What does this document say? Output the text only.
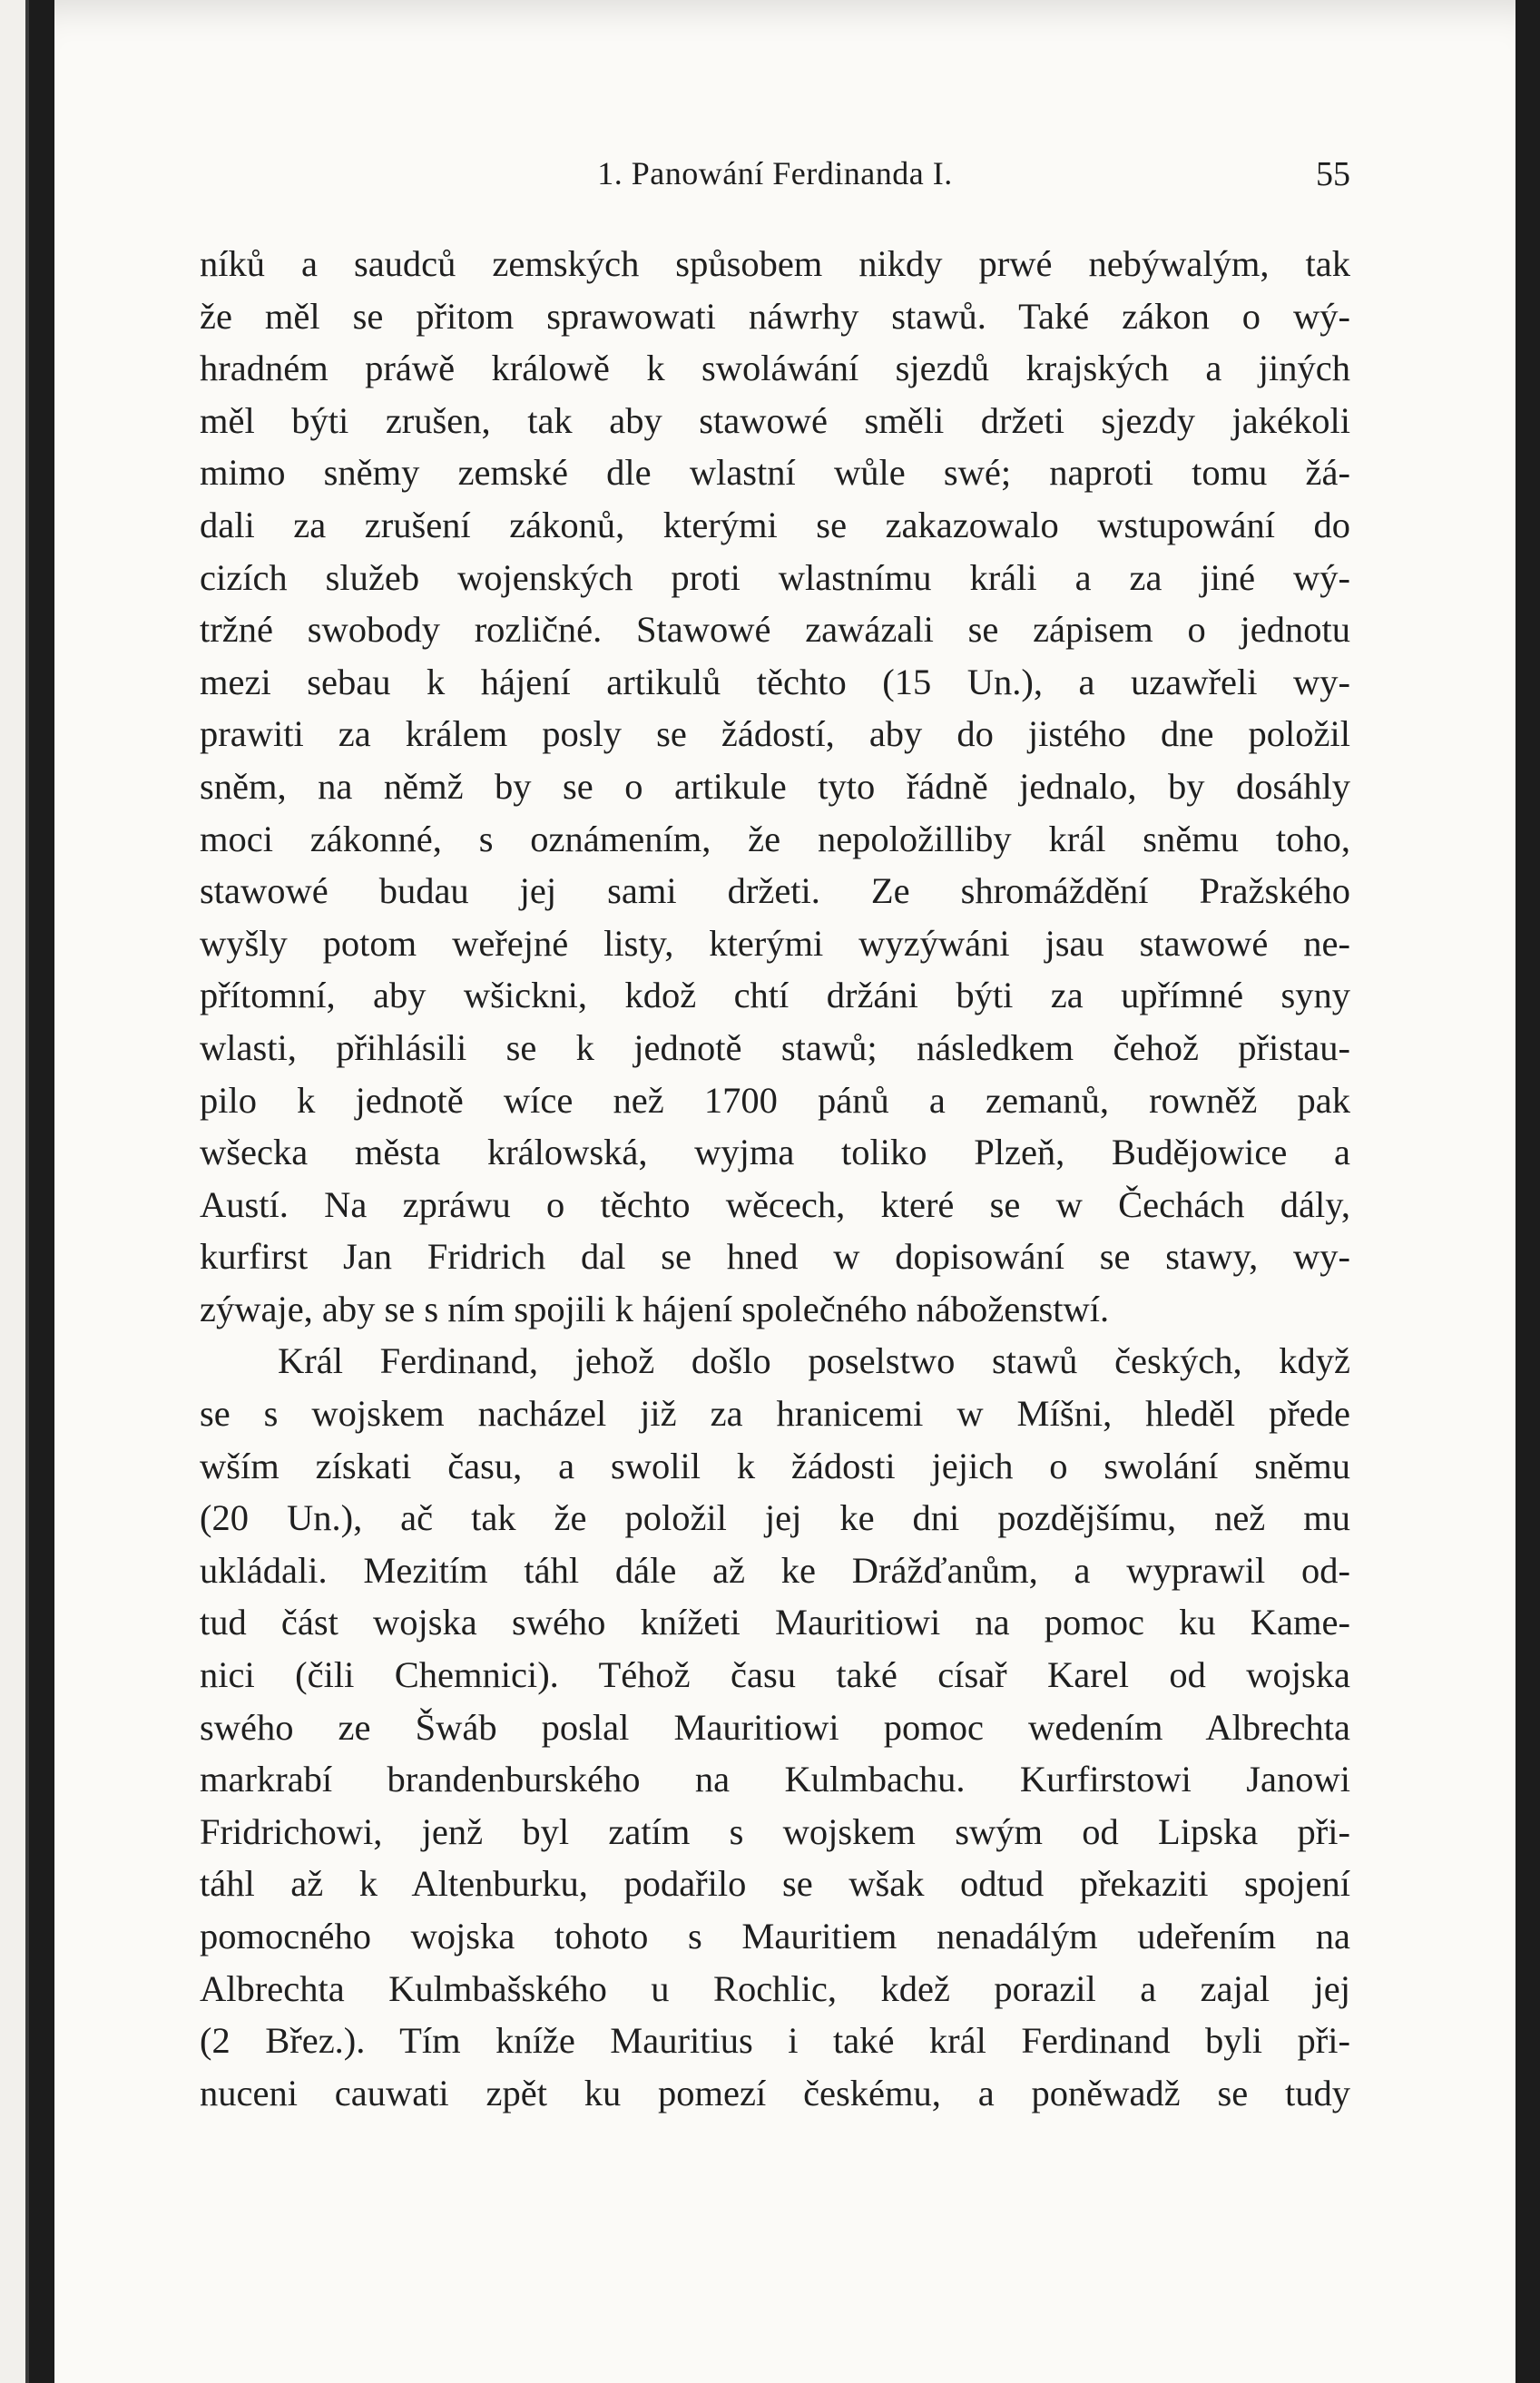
1. Panowání Ferdinanda I.	55
níků a saudců zemských spůsobem nikdy prwé nebýwalým, tak
že měl se přitom sprawowati náwrhy stawů. Také zákon o wý-
hradném práwě králowě k swoláwání sjezdů krajských a jiných
měl býti zrušen, tak aby stawowé směli držeti sjezdy jakékoli
mimo sněmy zemské dle wlastní wůle swé; naproti tomu žá-
dali za zrušení zákonů, kterými se zakazowalo wstupowání do
cizích služeb wojenských proti wlastnímu králi a za jiné wý-
tržné swobody rozličné. Stawowé zawázali se zápisem o jednotu
mezi sebau k hájení artikulů těchto (15 Un.), a uzawřeli wy-
prawiti za králem posly se žádostí, aby do jistého dne položil
sněm, na němž by se o artikule tyto řádně jednalo, by dosáhly
moci zákonné, s oznámením, že nepoložilliby král sněmu toho,
stawowé budau jej sami držeti. Ze shromáždění Pražského
wyšly potom weřejné listy, kterými wyzýwáni jsau stawowé ne-
přítomní, aby wšickni, kdož chtí držáni býti za upřímné syny
wlasti, přihlásili se k jednotě stawů; následkem čehož přistau-
pilo k jednotě wíce než 1700 pánů a zemanů, rowněž pak
wšecka města králowská, wyjma toliko Plzeň, Budějowice a
Austí. Na zpráwu o těchto wěcech, které se w Čechách dály,
kurfirst Jan Fridrich dal se hned w dopisowání se stawy, wy-
zýwaje, aby se s ním spojili k hájení společného náboženstwí.
Král Ferdinand, jehož došlo poselstwo stawů českých, když
se s wojskem nacházel již za hranicemi w Míšni, hleděl přede
wším získati času, a swolil k žádosti jejich o swolání sněmu
(20 Un.), ač tak že položil jej ke dni pozdějšímu, než mu
ukládali. Mezitím táhl dále až ke Drážďanům, a wyprawil od-
tud část wojska swého knížeti Mauritiowi na pomoc ku Kame-
nici (čili Chemnici). Téhož času také císař Karel od wojska
swého ze Šwáb poslal Mauritiowi pomoc wedením Albrechta
markrabí brandenburského na Kulmbachu. Kurfirstowi Janowi
Fridrichowi, jenž byl zatím s wojskem swým od Lipska při-
táhl až k Altenburku, podařilo se wšak odtud překaziti spojení
pomocného wojska tohoto s Mauritiem nenadálým udeřením na
Albrechta Kulmbašského u Rochlic, kdež porazil a zajal jej
(2 Břez.). Tím kníže Mauritius i také král Ferdinand byli při-
nuceni cauwati zpět ku pomezí českému, a poněwadž se tudy
